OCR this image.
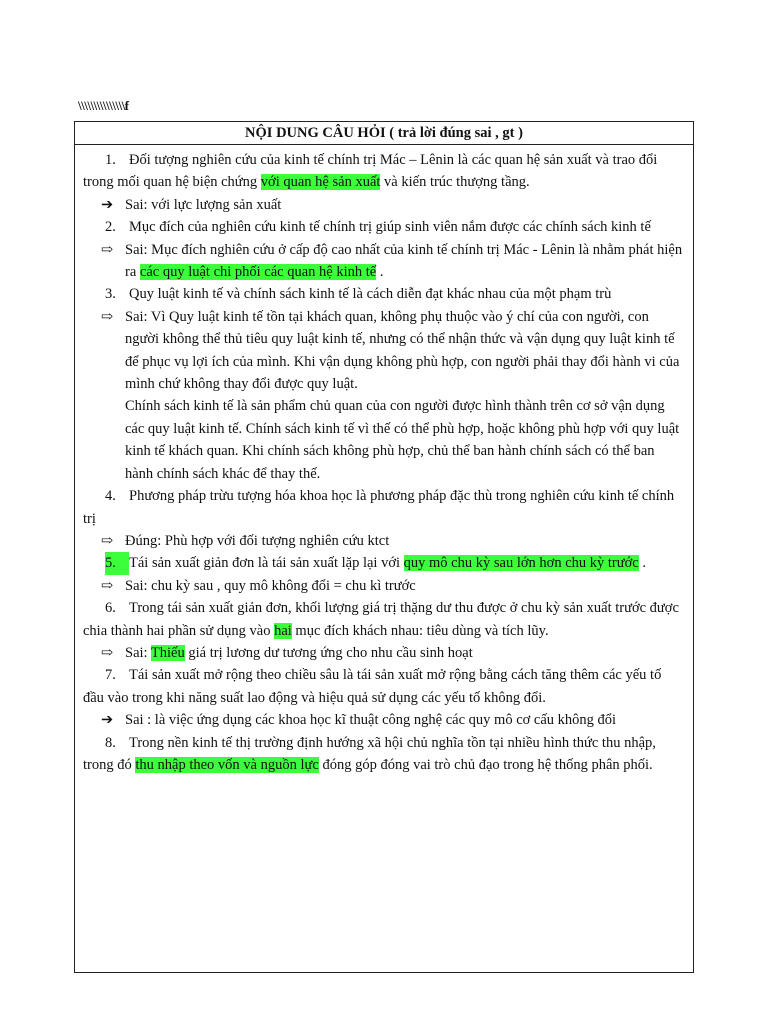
\\\\\\\\\\\\\\\f
NỘI DUNG CÂU HỎI ( trả lời đúng sai , gt )

1. Đối tượng nghiên cứu của kinh tế chính trị Mác – Lênin là các quan hệ sản xuất và trao đổi trong mối quan hệ biện chứng với quan hệ sản xuất và kiến trúc thượng tầng.

➔ Sai: với lực lượng sản xuất

2. Mục đích của nghiên cứu kinh tế chính trị giúp sinh viên nắm được các chính sách kinh tế

⇨ Sai: Mục đích nghiên cứu ở cấp độ cao nhất của kinh tế chính trị Mác - Lênin là nhằm phát hiện ra các quy luật chi phối các quan hệ kinh tế .

3. Quy luật kinh tế và chính sách kinh tế là cách diễn đạt khác nhau của một phạm trù

⇨ Sai: Vì Quy luật kinh tế tồn tại khách quan, không phụ thuộc vào ý chí của con người, con người không thể thủ tiêu quy luật kinh tế, nhưng có thể nhận thức và vận dụng quy luật kinh tế để phục vụ lợi ích của mình. Khi vận dụng không phù hợp, con người phải thay đổi hành vi của mình chứ không thay đổi được quy luật.

Chính sách kinh tế là sản phẩm chủ quan của con người được hình thành trên cơ sở vận dụng các quy luật kinh tế. Chính sách kinh tế vì thế có thể phù hợp, hoặc không phù hợp với quy luật kinh tế khách quan. Khi chính sách không phù hợp, chủ thể ban hành chính sách có thể ban hành chính sách khác để thay thế.

4. Phương pháp trừu tượng hóa khoa học là phương pháp đặc thù trong nghiên cứu kinh tế chính trị

⇨ Đúng: Phù hợp với đối tượng nghiên cứu ktct

5. Tái sản xuất giản đơn là tái sản xuất lặp lại với quy mô chu kỳ sau lớn hơn chu kỳ trước .

⇨ Sai: chu kỳ sau , quy mô không đổi = chu kì trước

6. Trong tái sản xuất giản đơn, khối lượng giá trị thặng dư thu được ở chu kỳ sản xuất trước được chia thành hai phần sử dụng vào hai mục đích khách nhau: tiêu dùng và tích lũy.

⇨ Sai: Thiếu giá trị lương dư tương ứng cho nhu cầu sinh hoạt

7. Tái sản xuất mở rộng theo chiều sâu là tái sản xuất mở rộng bằng cách tăng thêm các yếu tố đầu vào trong khi năng suất lao động và hiệu quả sử dụng các yếu tố không đổi.

➔ Sai : là việc ứng dụng các khoa học kĩ thuật công nghệ các quy mô cơ cấu không đổi

8. Trong nền kinh tế thị trường định hướng xã hội chủ nghĩa tồn tại nhiều hình thức thu nhập, trong đó thu nhập theo vốn và nguồn lực đóng góp đóng vai trò chủ đạo trong hệ thống phân phối.
